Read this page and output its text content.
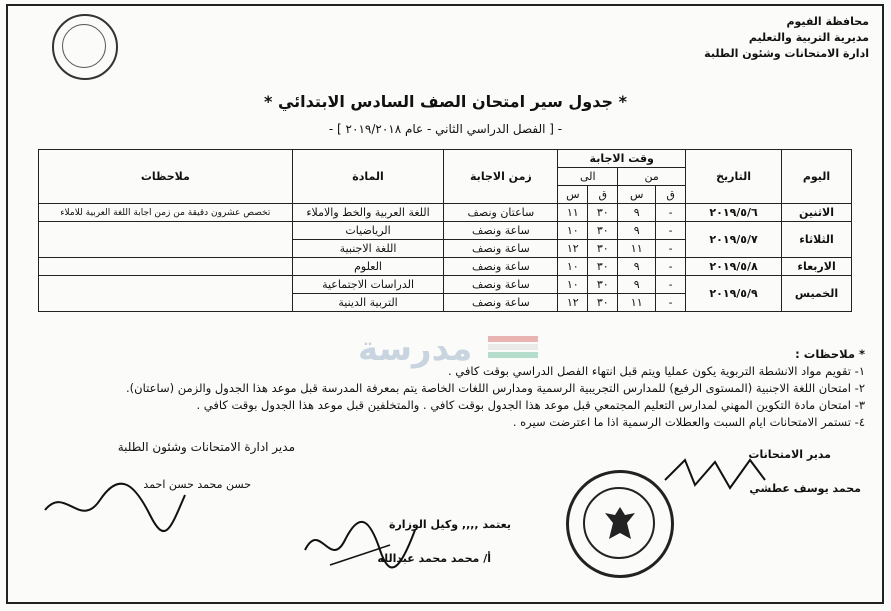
محافظة الفيوم
مديرية التربية والتعليم
ادارة الامتحانات وشئون الطلبة
* جدول سير امتحان الصف السادس الابتدائي *
- [ الفصل الدراسي الثاني - عام ٢٠١٩/٢٠١٨ ] -
اليوم	التاريخ	وقت الاجابة				زمن الاجابة	المادة	ملاحظات
		من		الى				
		ق	س	ق	س			
الاثنين	٢٠١٩/٥/٦	-	٩	٣٠	١١	ساعتان ونصف	اللغة العربية والخط والاملاء	تخصص عشرون دقيقة من زمن اجابة اللغة العربية للاملاء
الثلاثاء	٢٠١٩/٥/٧	-	٩	٣٠	١٠	ساعة ونصف	الرياضيات	
		-	١١	٣٠	١٢	ساعة ونصف	اللغة الاجنبية	
الاربعاء	٢٠١٩/٥/٨	-	٩	٣٠	١٠	ساعة ونصف	العلوم	
الخميس	٢٠١٩/٥/٩	-	٩	٣٠	١٠	ساعة ونصف	الدراسات الاجتماعية	
		-	١١	٣٠	١٢	ساعة ونصف	التربية الدينية	
مدرسة	* ملاحظات :
١- تقويم مواد الانشطة التربوية يكون عمليا ويتم قبل انتهاء الفصل الدراسي بوقت كافي .
٢- امتحان اللغة الاجنبية (المستوى الرفيع) للمدارس التجريبية الرسمية ومدارس اللغات الخاصة يتم بمعرفة المدرسة قبل موعد هذا الجدول والزمن (ساعتان).
٣- امتحان مادة التكوين المهني لمدارس التعليم المجتمعي قبل موعد هذا الجدول بوقت كافي . والمتخلفين قبل موعد هذا الجدول بوقت كافي .
٤- تستمر الامتحانات ايام السبت والعطلات الرسمية اذا ما اعترضت سيره .
مدير الامتحانات
محمد يوسف عطشي
مدير ادارة الامتحانات وشئون الطلبة
حسن محمد حسن احمد
يعتمد ,,,, وكيل الوزارة
أ/ محمد محمد عبدالله
